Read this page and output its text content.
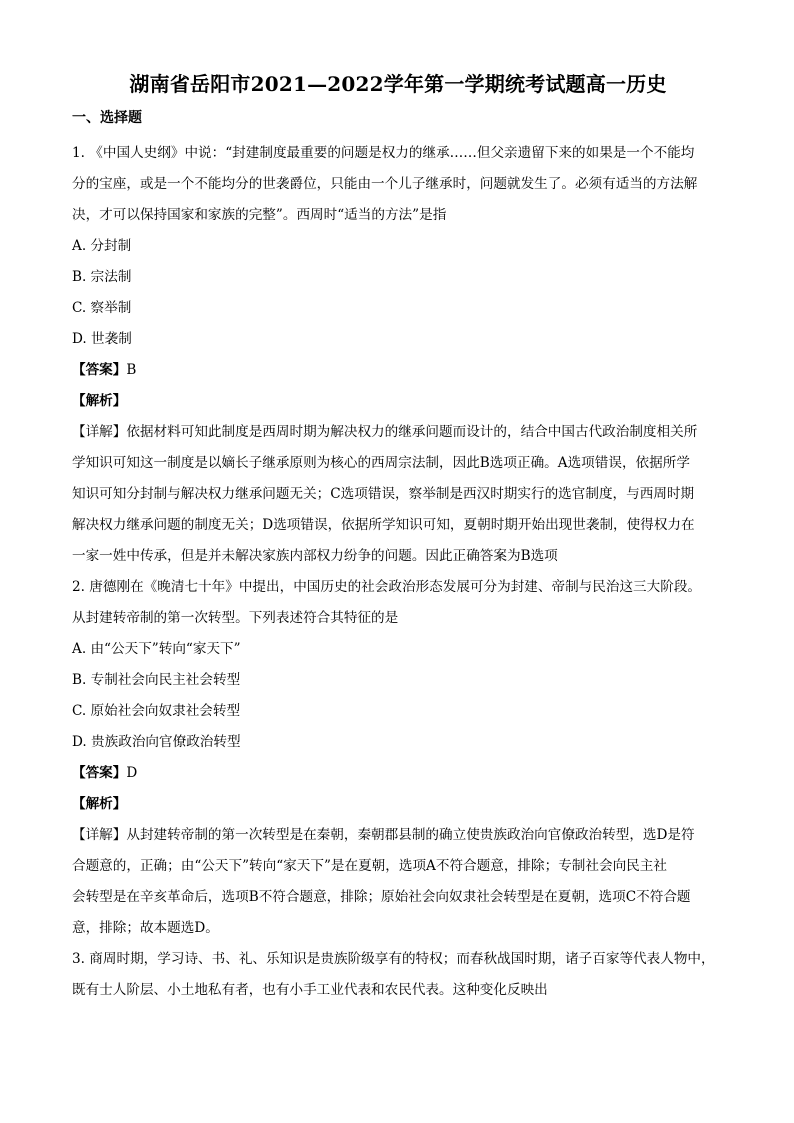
湖南省岳阳市2021—2022学年第一学期统考试题高一历史
一、选择题
1. 《中国人史纲》中说：“封建制度最重要的问题是权力的继承……但父亲遗留下来的如果是一个不能均
分的宝座，或是一个不能均分的世袭爵位，只能由一个儿子继承时，问题就发生了。必须有适当的方法解
决，才可以保持国家和家族的完整”。西周时“适当的方法”是指
A. 分封制
B. 宗法制
C. 察举制
D. 世袭制
【答案】B
【解析】
【详解】依据材料可知此制度是西周时期为解决权力的继承问题而设计的，结合中国古代政治制度相关所
学知识可知这一制度是以嫡长子继承原则为核心的西周宗法制，因此B选项正确。A选项错误，依据所学
知识可知分封制与解决权力继承问题无关；C选项错误，察举制是西汉时期实行的选官制度，与西周时期
解决权力继承问题的制度无关；D选项错误，依据所学知识可知，夏朝时期开始出现世袭制，使得权力在
一家一姓中传承，但是并未解决家族内部权力纷争的问题。因此正确答案为B选项
2. 唐德刚在《晚清七十年》中提出，中国历史的社会政治形态发展可分为封建、帝制与民治这三大阶段。
从封建转帝制的第一次转型。下列表述符合其特征的是
A. 由“公天下”转向“家天下”
B. 专制社会向民主社会转型
C. 原始社会向奴隶社会转型
D. 贵族政治向官僚政治转型
【答案】D
【解析】
【详解】从封建转帝制的第一次转型是在秦朝，秦朝郡县制的确立使贵族政治向官僚政治转型，选D是符
合题意的，正确；由“公天下”转向“家天下”是在夏朝，选项A不符合题意，排除；专制社会向民主社
会转型是在辛亥革命后，选项B不符合题意，排除；原始社会向奴隶社会转型是在夏朝，选项C不符合题
意，排除；故本题选D。
3. 商周时期，学习诗、书、礼、乐知识是贵族阶级享有的特权；而春秋战国时期，诸子百家等代表人物中，
既有士人阶层、小土地私有者，也有小手工业代表和农民代表。这种变化反映出
